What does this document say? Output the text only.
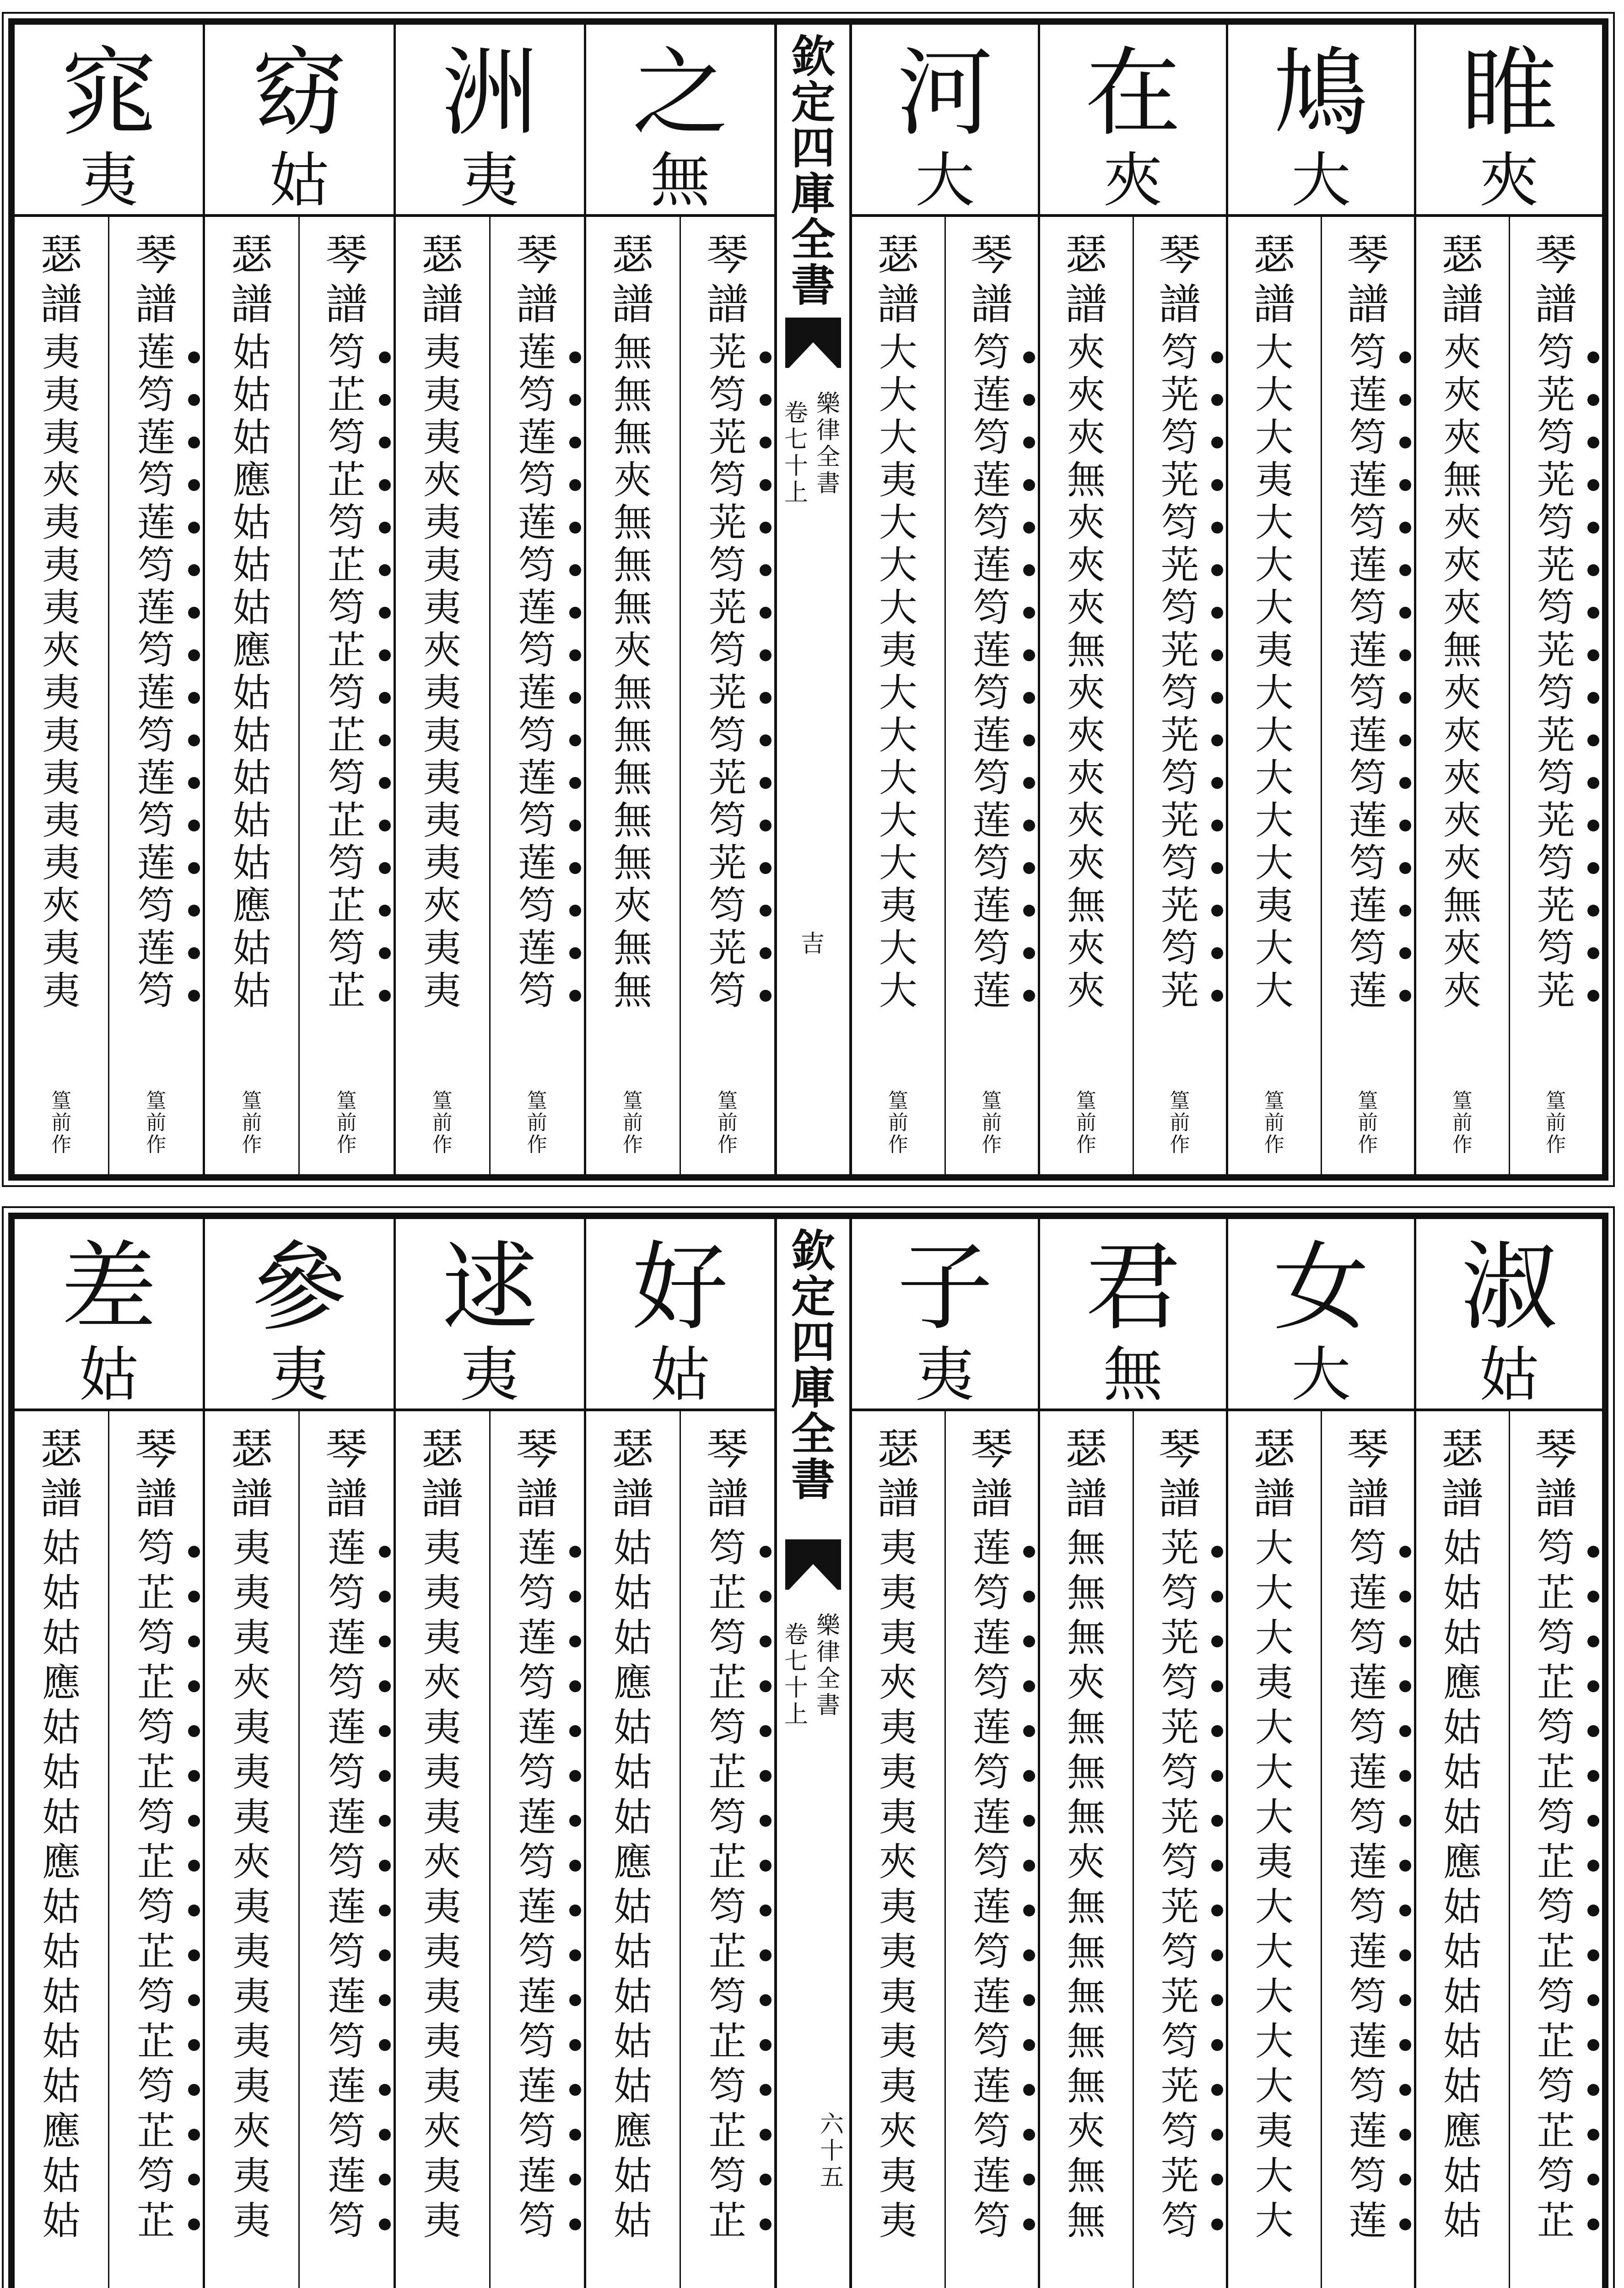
窕
夷
瑟
譜
夷
夷
夷
夾
夷
夷
夷
夾
夷
夷
夷
夷
夷
夾
夷
夷
篁
前
作
琴
譜
莲
笉
莲
笉
莲
笉
莲
笉
莲
笉
莲
笉
莲
笉
莲
笉
篁
前
作
窈
姑
瑟
譜
姑
姑
姑
應
姑
姑
姑
應
姑
姑
姑
姑
姑
應
姑
姑
篁
前
作
琴
譜
笉
芷
笉
芷
笉
芷
笉
芷
笉
芷
笉
芷
笉
芷
笉
芷
篁
前
作
洲
夷
瑟
譜
夷
夷
夷
夾
夷
夷
夷
夾
夷
夷
夷
夷
夷
夾
夷
夷
篁
前
作
琴
譜
莲
笉
莲
笉
莲
笉
莲
笉
莲
笉
莲
笉
莲
笉
莲
笉
篁
前
作
之
無
瑟
譜
無
無
無
夾
無
無
無
夾
無
無
無
無
無
夾
無
無
篁
前
作
琴
譜
茪
笉
茪
笉
茪
笉
茪
笉
茪
笉
茪
笉
茪
笉
茪
笉
篁
前
作
欽
定
四
庫
全
書
樂
律
全
書
卷
七
十
上
吉
河
大
瑟
譜
大
大
大
夷
大
大
大
夷
大
大
大
大
大
夷
大
大
篁
前
作
琴
譜
笉
莲
笉
莲
笉
莲
笉
莲
笉
莲
笉
莲
笉
莲
笉
莲
篁
前
作
在
夾
瑟
譜
夾
夾
夾
無
夾
夾
夾
無
夾
夾
夾
夾
夾
無
夾
夾
篁
前
作
琴
譜
笉
茪
笉
茪
笉
茪
笉
茪
笉
茪
笉
茪
笉
茪
笉
茪
篁
前
作
鳩
大
瑟
譜
大
大
大
夷
大
大
大
夷
大
大
大
大
大
夷
大
大
篁
前
作
琴
譜
笉
莲
笉
莲
笉
莲
笉
莲
笉
莲
笉
莲
笉
莲
笉
莲
篁
前
作
睢
夾
瑟
譜
夾
夾
夾
無
夾
夾
夾
無
夾
夾
夾
夾
夾
無
夾
夾
篁
前
作
琴
譜
笉
茪
笉
茪
笉
茪
笉
茪
笉
茪
笉
茪
笉
茪
笉
茪
篁
前
作
差
姑
瑟
譜
姑
姑
姑
應
姑
姑
姑
應
姑
姑
姑
姑
姑
應
姑
姑
琴
譜
笉
芷
笉
芷
笉
芷
笉
芷
笉
芷
笉
芷
笉
芷
笉
芷
參
夷
瑟
譜
夷
夷
夷
夾
夷
夷
夷
夾
夷
夷
夷
夷
夷
夾
夷
夷
琴
譜
莲
笉
莲
笉
莲
笉
莲
笉
莲
笉
莲
笉
莲
笉
莲
笉
逑
夷
瑟
譜
夷
夷
夷
夾
夷
夷
夷
夾
夷
夷
夷
夷
夷
夾
夷
夷
琴
譜
莲
笉
莲
笉
莲
笉
莲
笉
莲
笉
莲
笉
莲
笉
莲
笉
好
姑
瑟
譜
姑
姑
姑
應
姑
姑
姑
應
姑
姑
姑
姑
姑
應
姑
姑
琴
譜
笉
芷
笉
芷
笉
芷
笉
芷
笉
芷
笉
芷
笉
芷
笉
芷
欽
定
四
庫
全
書
樂
律
全
書
卷
七
十
上
六
十
五
子
夷
瑟
譜
夷
夷
夷
夾
夷
夷
夷
夾
夷
夷
夷
夷
夷
夾
夷
夷
琴
譜
莲
笉
莲
笉
莲
笉
莲
笉
莲
笉
莲
笉
莲
笉
莲
笉
君
無
瑟
譜
無
無
無
夾
無
無
無
夾
無
無
無
無
無
夾
無
無
琴
譜
茪
笉
茪
笉
茪
笉
茪
笉
茪
笉
茪
笉
茪
笉
茪
笉
女
大
瑟
譜
大
大
大
夷
大
大
大
夷
大
大
大
大
大
夷
大
大
琴
譜
笉
莲
笉
莲
笉
莲
笉
莲
笉
莲
笉
莲
笉
莲
笉
莲
淑
姑
瑟
譜
姑
姑
姑
應
姑
姑
姑
應
姑
姑
姑
姑
姑
應
姑
姑
琴
譜
笉
芷
笉
芷
笉
芷
笉
芷
笉
芷
笉
芷
笉
芷
笉
芷
